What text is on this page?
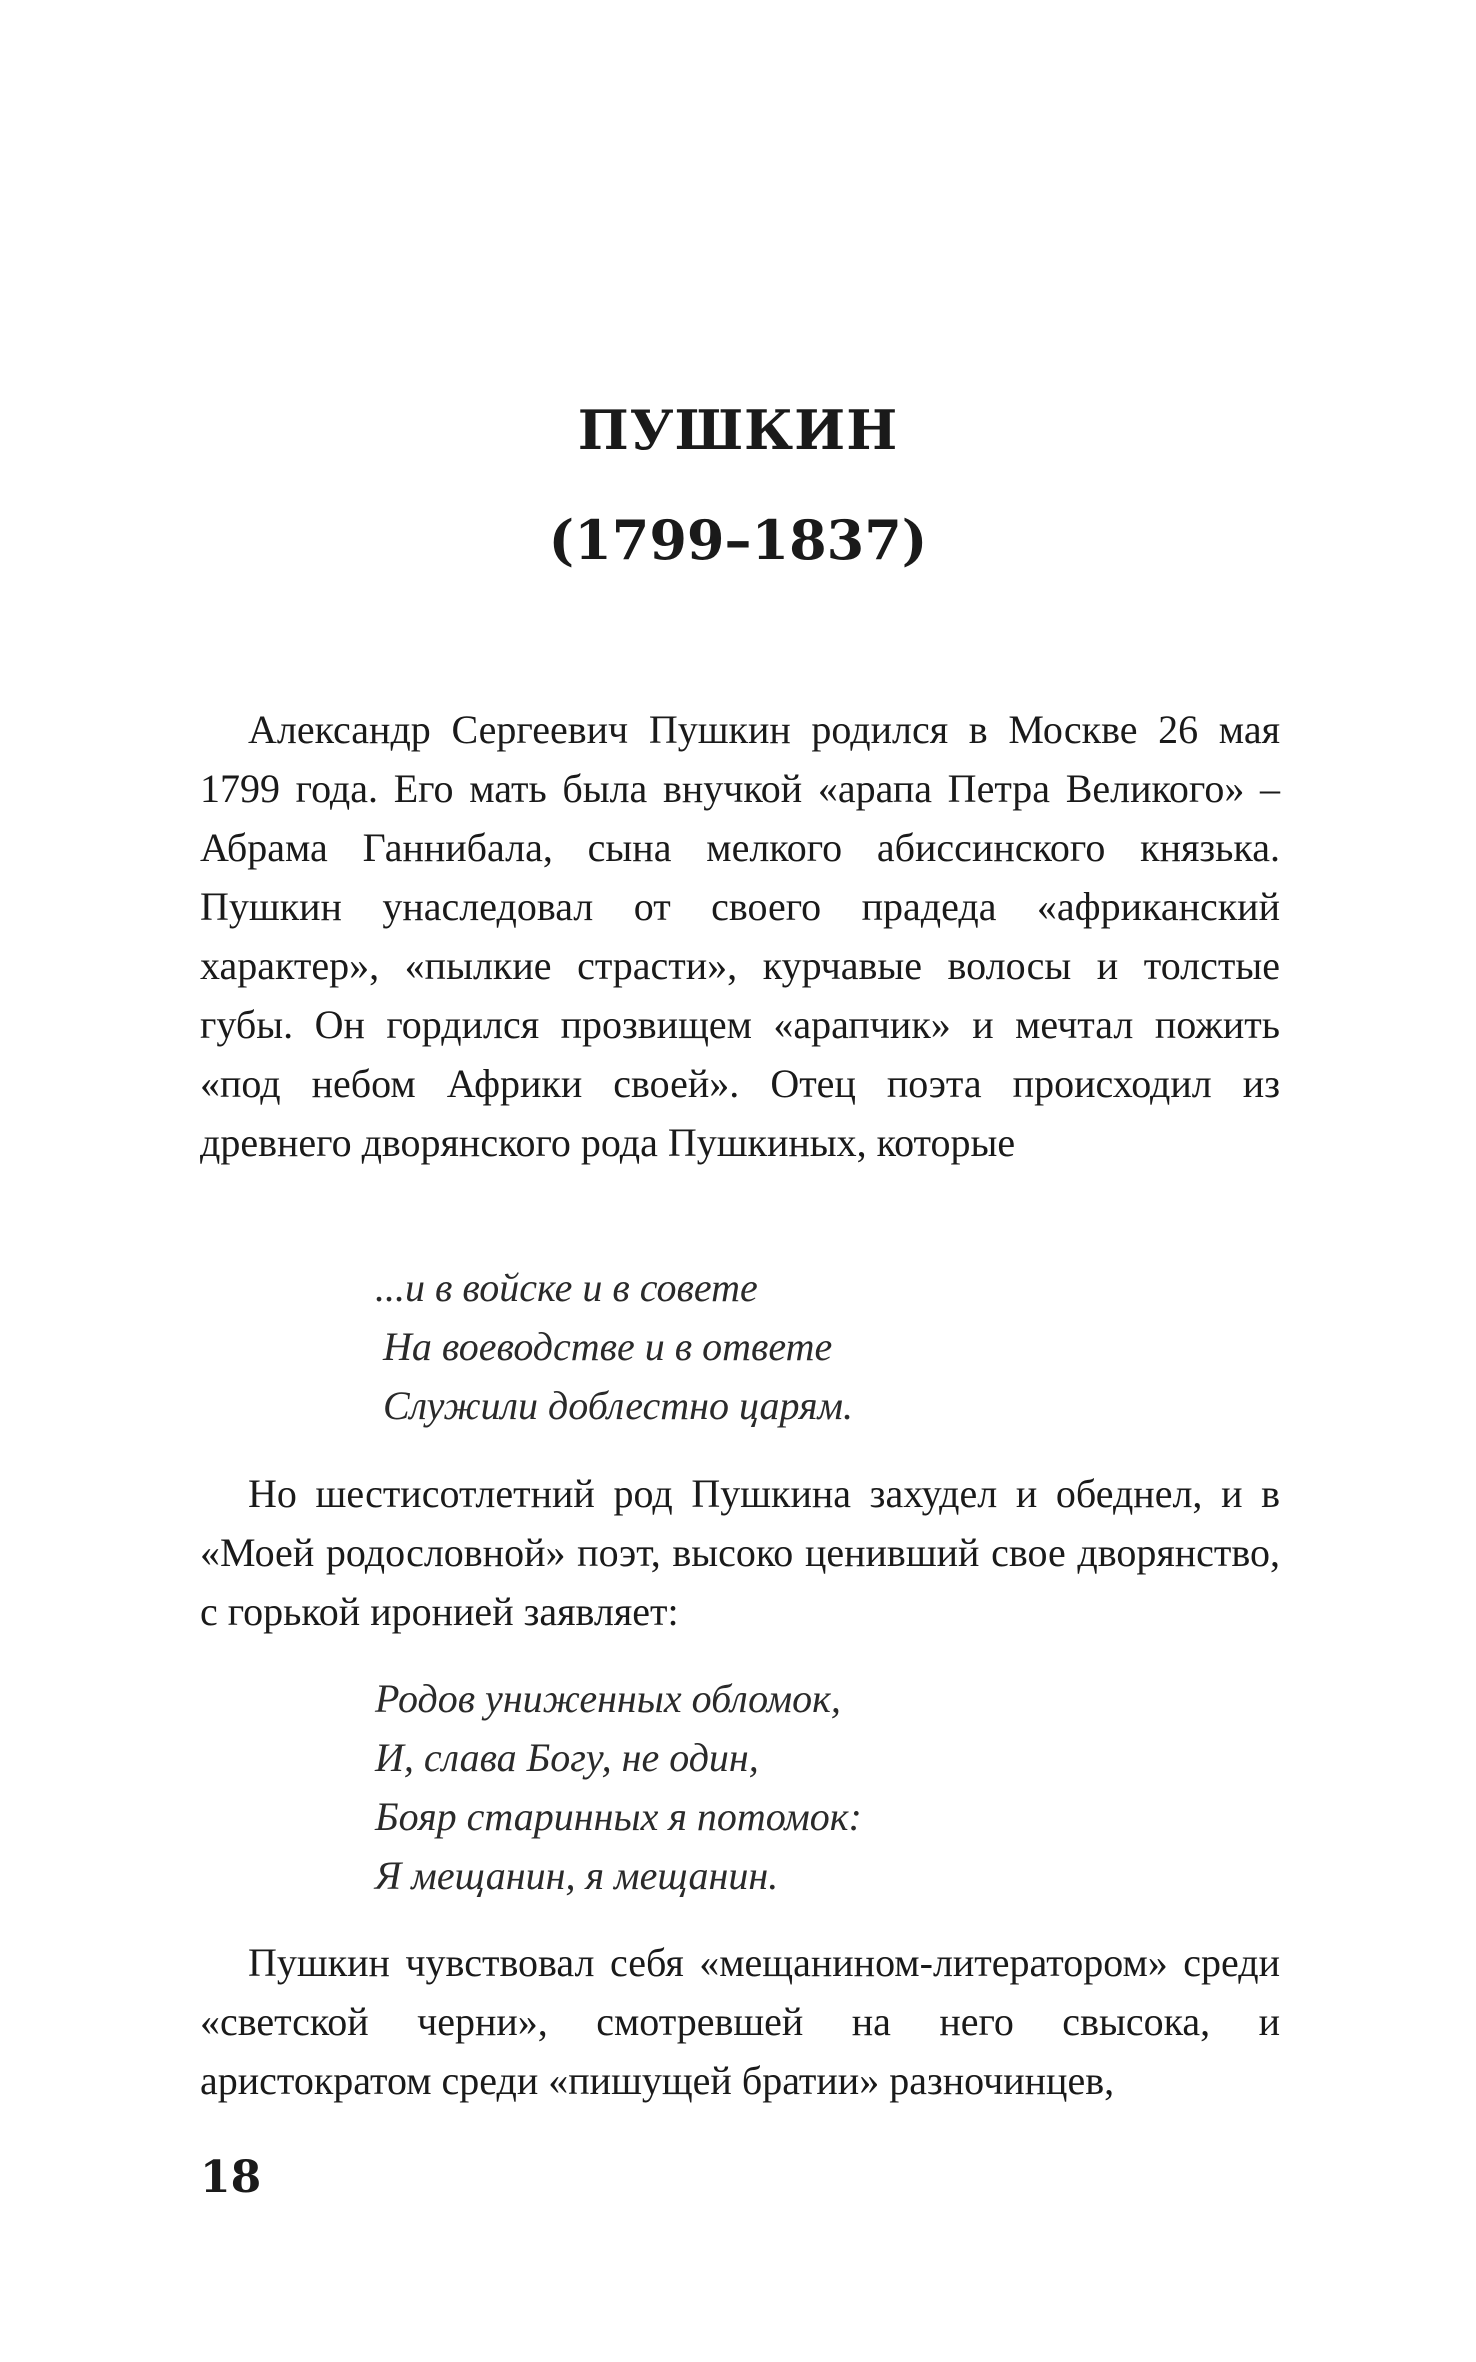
ПУШКИН
(1799–1837)

Александр Сергеевич Пушкин родился в Москве 26 мая 1799 года. Его мать была внучкой «арапа Петра Великого» – Абрама Ганнибала, сына мелкого абиссинского князька. Пушкин унаследовал от своего прадеда «африканский характер», «пылкие страсти», курчавые волосы и толстые губы. Он гордился прозвищем «арапчик» и мечтал пожить «под небом Африки своей». Отец поэта происходил из древнего дворянского рода Пушкиных, которые

...и в войске и в совете
На воеводстве и в ответе
Служили доблестно царям.

Но шестисотлетний род Пушкина захудел и обеднел, и в «Моей родословной» поэт, высоко ценивший свое дворянство, с горькой иронией заявляет:

Родов униженных обломок,
И, слава Богу, не один,
Бояр старинных я потомок:
Я мещанин, я мещанин.

Пушкин чувствовал себя «мещанином-литератором» среди «светской черни», смотревшей на него свысока, и аристократом среди «пишущей братии» разночинцев,

18
